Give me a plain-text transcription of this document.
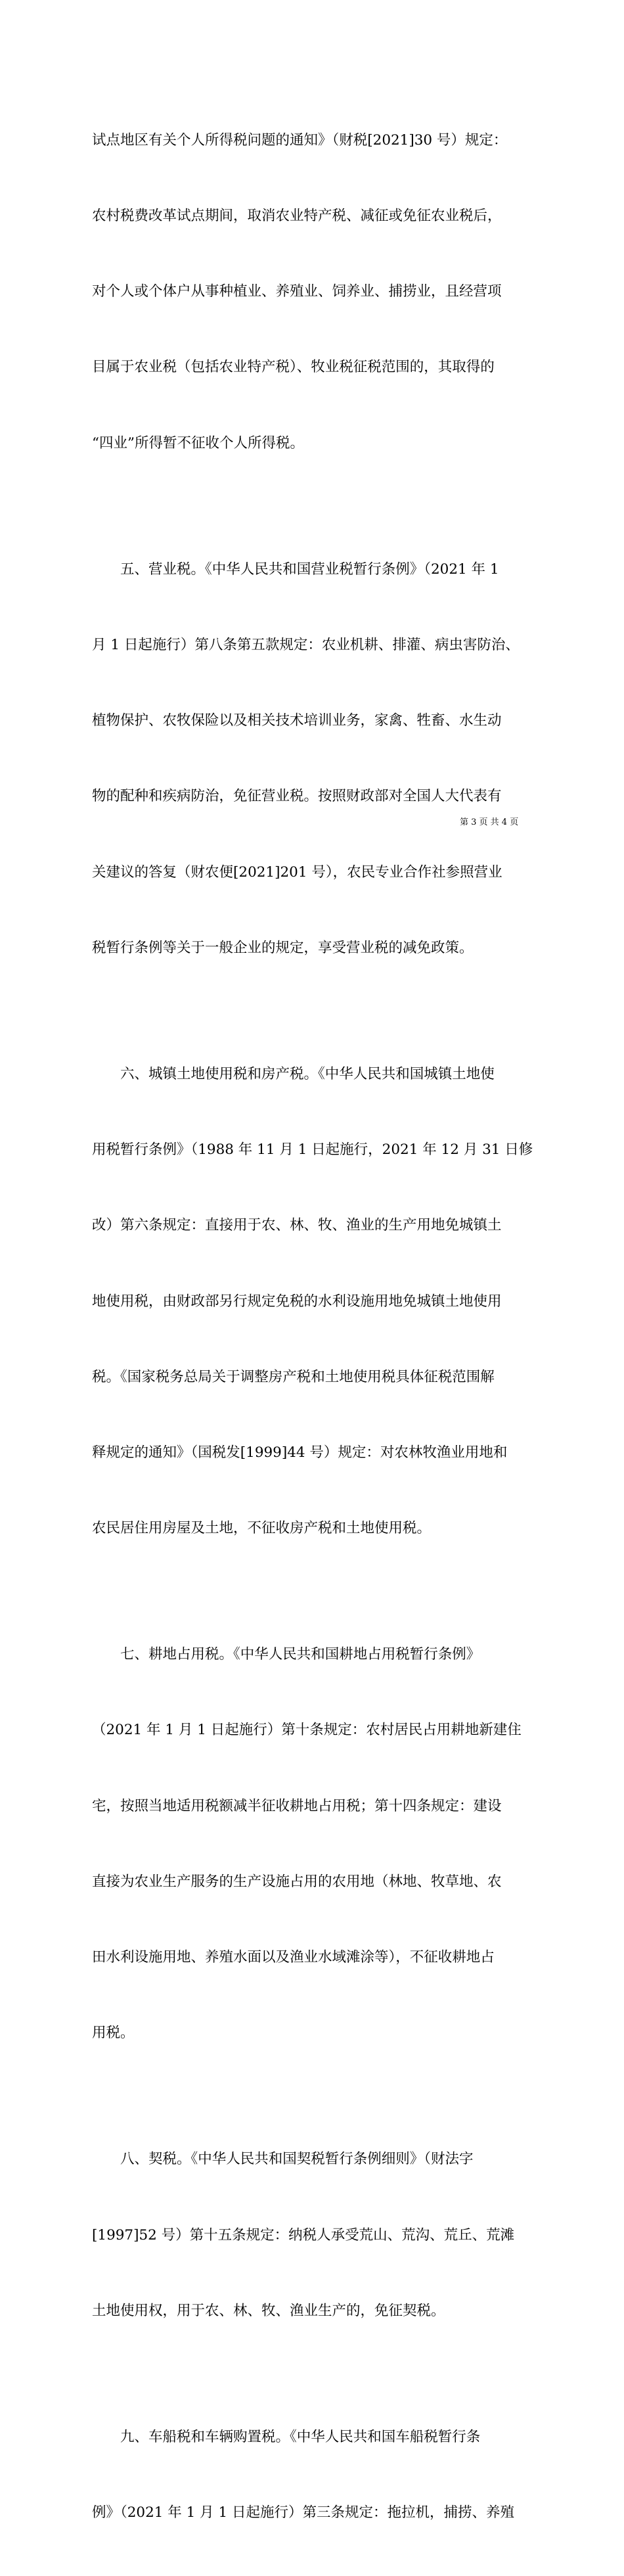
试点地区有关个人所得税问题的通知》（财税[2021]30 号）规定：

农村税费改革试点期间，取消农业特产税、减征或免征农业税后，

对个人或个体户从事种植业、养殖业、饲养业、捕捞业，且经营项

目属于农业税（包括农业特产税）、牧业税征税范围的，其取得的

“四业”所得暂不征收个人所得税。

　　五、营业税。《中华人民共和国营业税暂行条例》（2021 年 1

月 1 日起施行）第八条第五款规定：农业机耕、排灌、病虫害防治、

植物保护、农牧保险以及相关技术培训业务，家禽、牲畜、水生动

物的配种和疾病防治，免征营业税。按照财政部对全国人大代表有

关建议的答复（财农便[2021]201 号），农民专业合作社参照营业

税暂行条例等关于一般企业的规定，享受营业税的减免政策。

　　六、城镇土地使用税和房产税。《中华人民共和国城镇土地使

用税暂行条例》（1988 年 11 月 1 日起施行，2021 年 12 月 31 日修

改）第六条规定：直接用于农、林、牧、渔业的生产用地免城镇土

地使用税，由财政部另行规定免税的水利设施用地免城镇土地使用

税。《国家税务总局关于调整房产税和土地使用税具体征税范围解

释规定的通知》（国税发[1999]44 号）规定：对农林牧渔业用地和

农民居住用房屋及土地，不征收房产税和土地使用税。

　　七、耕地占用税。《中华人民共和国耕地占用税暂行条例》

（2021 年 1 月 1 日起施行）第十条规定：农村居民占用耕地新建住

宅，按照当地适用税额减半征收耕地占用税；第十四条规定：建设

直接为农业生产服务的生产设施占用的农用地（林地、牧草地、农

田水利设施用地、养殖水面以及渔业水域滩涂等），不征收耕地占

用税。

　　八、契税。《中华人民共和国契税暂行条例细则》（财法字

[1997]52 号）第十五条规定：纳税人承受荒山、荒沟、荒丘、荒滩

土地使用权，用于农、林、牧、渔业生产的，免征契税。

　　九、车船税和车辆购置税。《中华人民共和国车船税暂行条

例》（2021 年 1 月 1 日起施行）第三条规定：拖拉机，捕捞、养殖

第 3 页 共 4 页
